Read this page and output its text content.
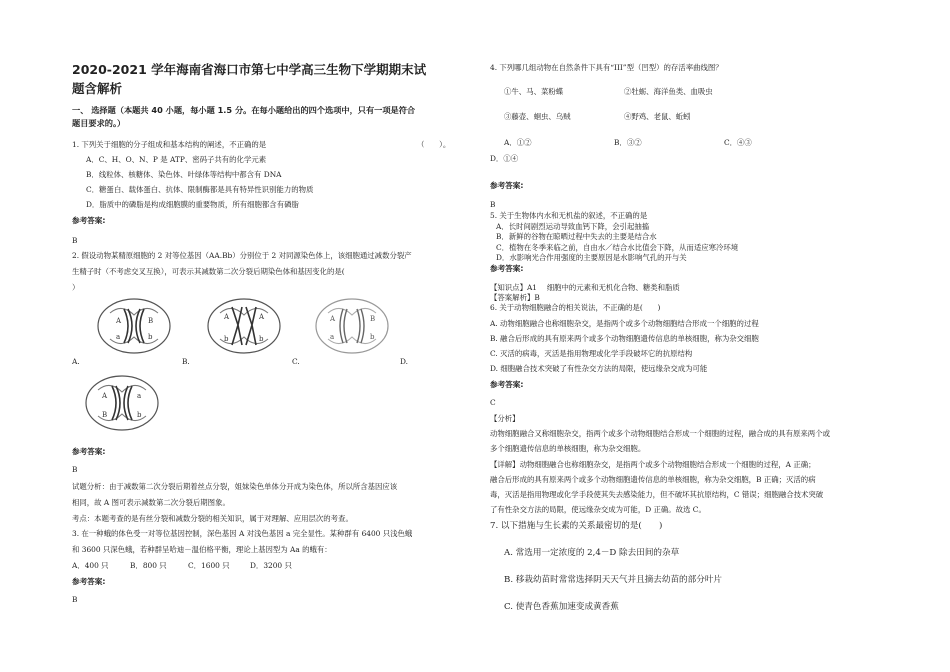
2020-2021 学年海南省海口市第七中学高三生物下学期期末试
题含解析
一、 选择题（本题共 40 小题，每小题 1.5 分。在每小题给出的四个选项中，只有一项是符合
题目要求的。）
1. 下列关于细胞的分子组成和基本结构的阐述，不正确的是	（　　）。
A．C、H、O、N、P 是 ATP、密码子共有的化学元素
B．线粒体、核糖体、染色体、叶绿体等结构中都含有 DNA
C．糖蛋白、载体蛋白、抗体、限制酶都是具有特异性识别能力的物质
D．脂质中的磷脂是构成细胞膜的重要物质，所有细胞都含有磷脂
参考答案:
B
2. 假设动物某精原细胞的 2 对等位基因（AA.Bb）分别位于 2 对同源染色体上，该细胞通过减数分裂产
生精子时（不考虑交叉互换），可表示其减数第二次分裂后期染色体和基因变化的是(
）
A	B
a	b
A.
A	A
b	b
B.
A	B
a	b
C.	D.
A	a
B	b
参考答案:
B
试题分析：由于减数第二次分裂后期着丝点分裂，姐妹染色单体分开成为染色体，所以所含基因应该
相同，故 A 图可表示减数第二次分裂后期图象。
考点：本题考查的是有丝分裂和减数分裂的相关知识，属于对理解、应用层次的考查。
3. 在一种蛾的体色受一对等位基因控制，深色基因 A 对浅色基因 a 完全显性。某种群有 6400 只浅色蛾
和 3600 只深色蛾，若种群呈哈迪－温伯格平衡，理论上基因型为 Aa 的蛾有：
A．400 只	B．800 只	C．1600 只	D．3200 只
参考答案:
B
4. 下列哪几组动物在自然条件下具有“III”型（凹型）的存活率曲线图？
①牛、马、菜粉蝶	②牡蛎、海洋鱼类、血吸虫
③藤壶、蛔虫、乌贼	④野鸡、老鼠、蚯蚓
A．①②	B．③②	C．④③
D．①④
参考答案:
B
5. 关于生物体内水和无机盐的叙述，不正确的是
A．长时间剧烈运动导致血钙下降，会引起抽搐
B．新鲜的谷物在晾晒过程中失去的主要是结合水
C．植物在冬季来临之前，自由水／结合水比值会下降，从而适应寒冷环境
D．水影响光合作用强度的主要原因是水影响气孔的开与关
参考答案:
【知识点】A1　 细胞中的元素和无机化合物、糖类和脂质
【答案解析】B
6. 关于动物细胞融合的相关说法，不正确的是(　　)
A. 动物细胞融合也称细胞杂交，是指两个或多个动物细胞结合形成一个细胞的过程
B. 融合后形成的具有原来两个或多个动物细胞遗传信息的单核细胞，称为杂交细胞
C. 灭活的病毒，灭活是指用物理或化学手段破坏它的抗原结构
D. 细胞融合技术突破了有性杂交方法的局限，使远缘杂交成为可能
参考答案:
C
【分析】
动物细胞融合又称细胞杂交，指两个或多个动物细胞结合形成一个细胞的过程，融合成的具有原来两个或
多个细胞遗传信息的单核细胞，称为杂交细胞。
【详解】动物细胞融合也称细胞杂交，是指两个或多个动物细胞结合形成一个细胞的过程，A 正确；
融合后形成的具有原来两个或多个动物细胞遗传信息的单核细胞，称为杂交细胞，B 正确；灭活的病
毒，灭活是指用物理或化学手段使其失去感染能力，但不破坏其抗原结构，C 错误；细胞融合技术突破
了有性杂交方法的局限，使远缘杂交成为可能，D 正确。故选 C。
7. 以下措施与生长素的关系最密切的是(　　)
A. 常选用一定浓度的 2,4－D 除去田间的杂草
B. 移栽幼苗时常常选择阴天天气并且摘去幼苗的部分叶片
C. 使青色香蕉加速变成黄香蕉
